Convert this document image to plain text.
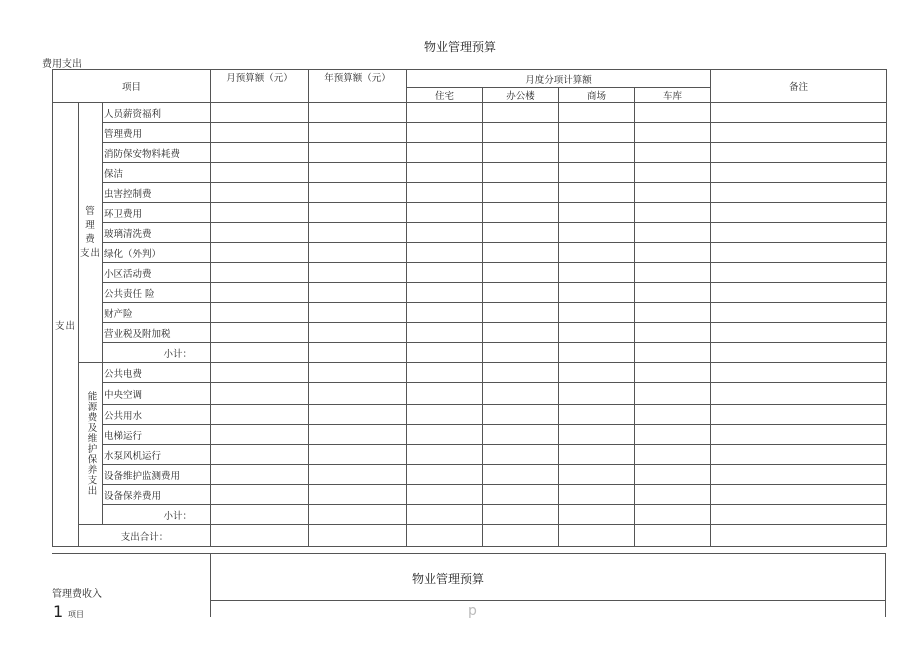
物业管理预算
费用支出
项目			月预算额（元）	年预算额（元）	月度分项计算额				备注
					住宅	办公楼	商场	车库	
支出	管 理 费 支出	人员薪资福利							
		管理费用							
		消防保安物料耗费							
		保洁							
		虫害控制费							
		环卫费用							
		玻璃清洗费							
		绿化（外判）							
		小区活动费							
		公共责任 险							
		财产险							
		营业税及附加税							
		小计：							
	能源费及维护保养支出	公共电费							
		中央空调							
		公共用水							
		电梯运行							
		水泵风机运行							
		设备维护监测费用							
		设备保养费用							
		小计：							
	支出合计：								
物业管理预算
管理费收入
1 项目	p
